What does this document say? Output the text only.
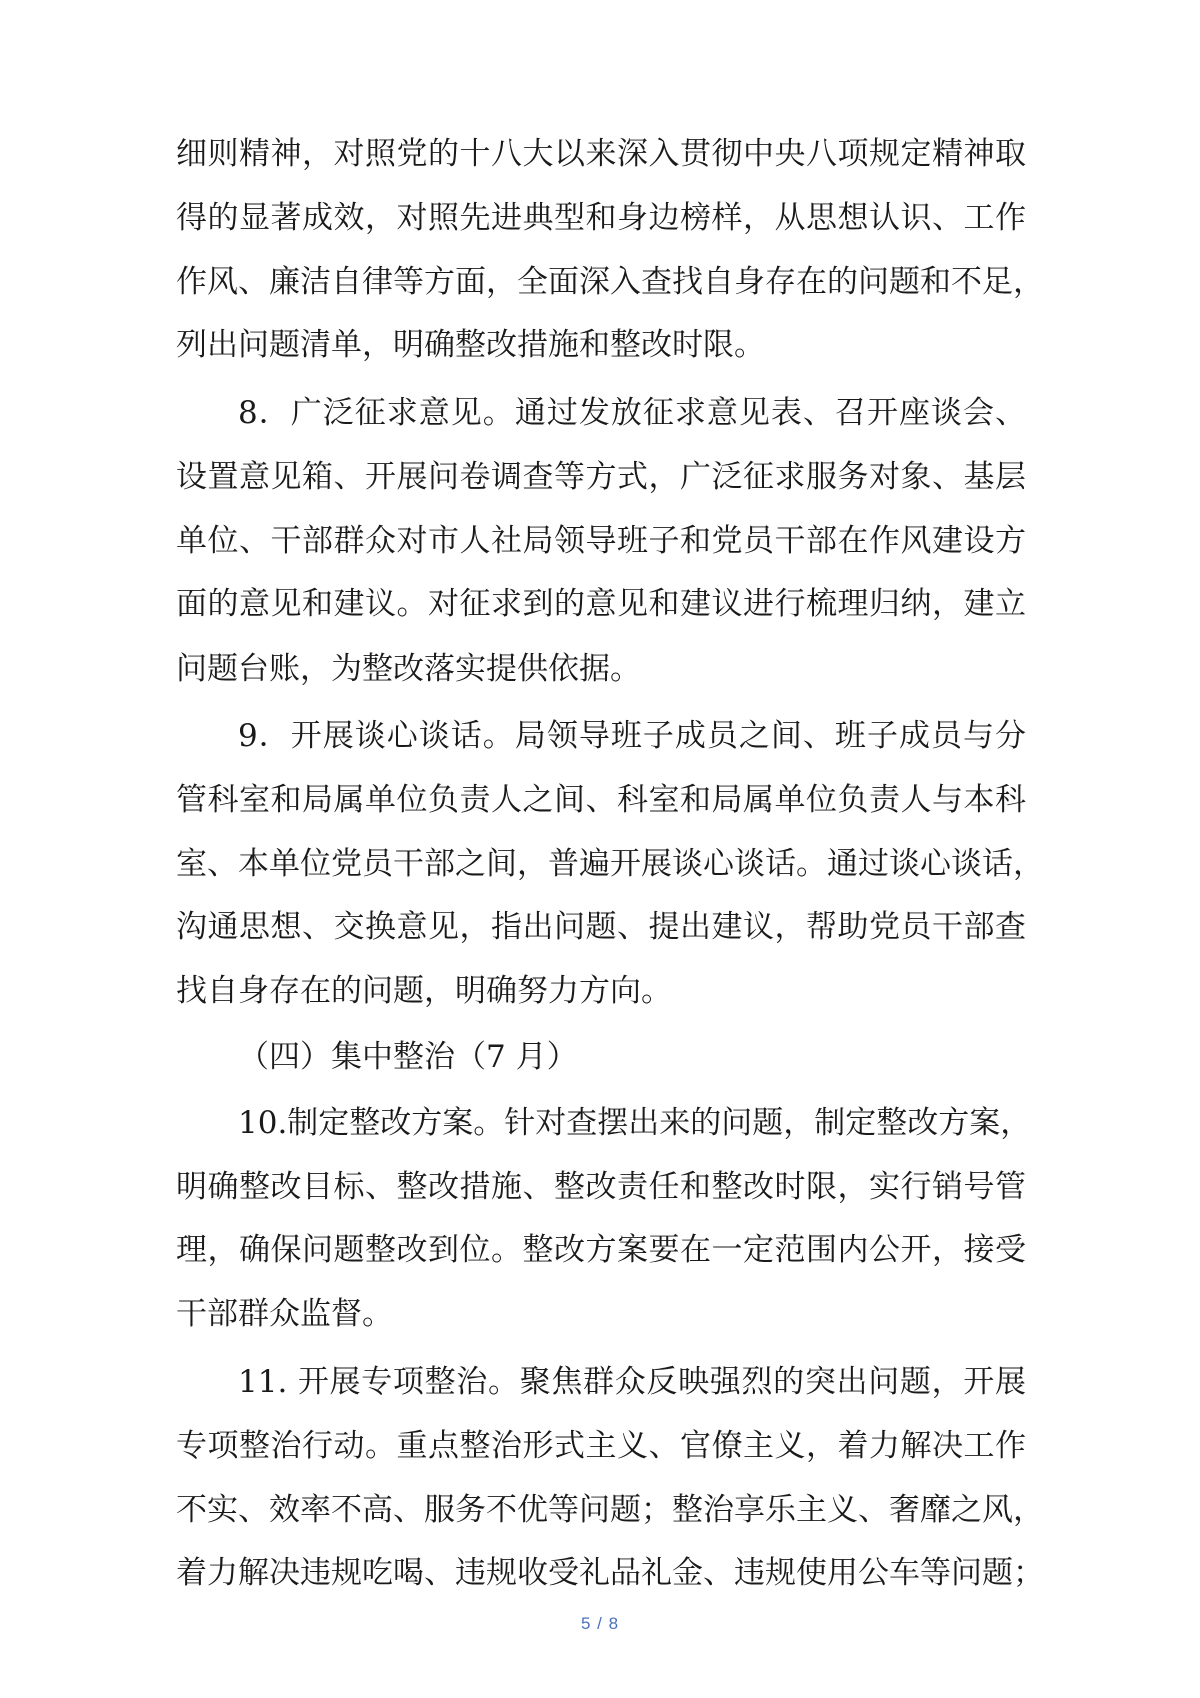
细则精神，对照党的十八大以来深入贯彻中央八项规定精神取
得的显著成效，对照先进典型和身边榜样，从思想认识、工作
作风、廉洁自律等方面，全面深入查找自身存在的问题和不足，
列出问题清单，明确整改措施和整改时限。
8．广泛征求意见。通过发放征求意见表、召开座谈会、
设置意见箱、开展问卷调查等方式，广泛征求服务对象、基层
单位、干部群众对市人社局领导班子和党员干部在作风建设方
面的意见和建议。对征求到的意见和建议进行梳理归纳，建立
问题台账，为整改落实提供依据。
9．开展谈心谈话。局领导班子成员之间、班子成员与分
管科室和局属单位负责人之间、科室和局属单位负责人与本科
室、本单位党员干部之间，普遍开展谈心谈话。通过谈心谈话，
沟通思想、交换意见，指出问题、提出建议，帮助党员干部查
找自身存在的问题，明确努力方向。
（四）集中整治（7 月）
10.制定整改方案。针对查摆出来的问题，制定整改方案，
明确整改目标、整改措施、整改责任和整改时限，实行销号管
理，确保问题整改到位。整改方案要在一定范围内公开，接受
干部群众监督。
11. 开展专项整治。聚焦群众反映强烈的突出问题，开展
专项整治行动。重点整治形式主义、官僚主义，着力解决工作
不实、效率不高、服务不优等问题；整治享乐主义、奢靡之风，
着力解决违规吃喝、违规收受礼品礼金、违规使用公车等问题；
5 / 8
